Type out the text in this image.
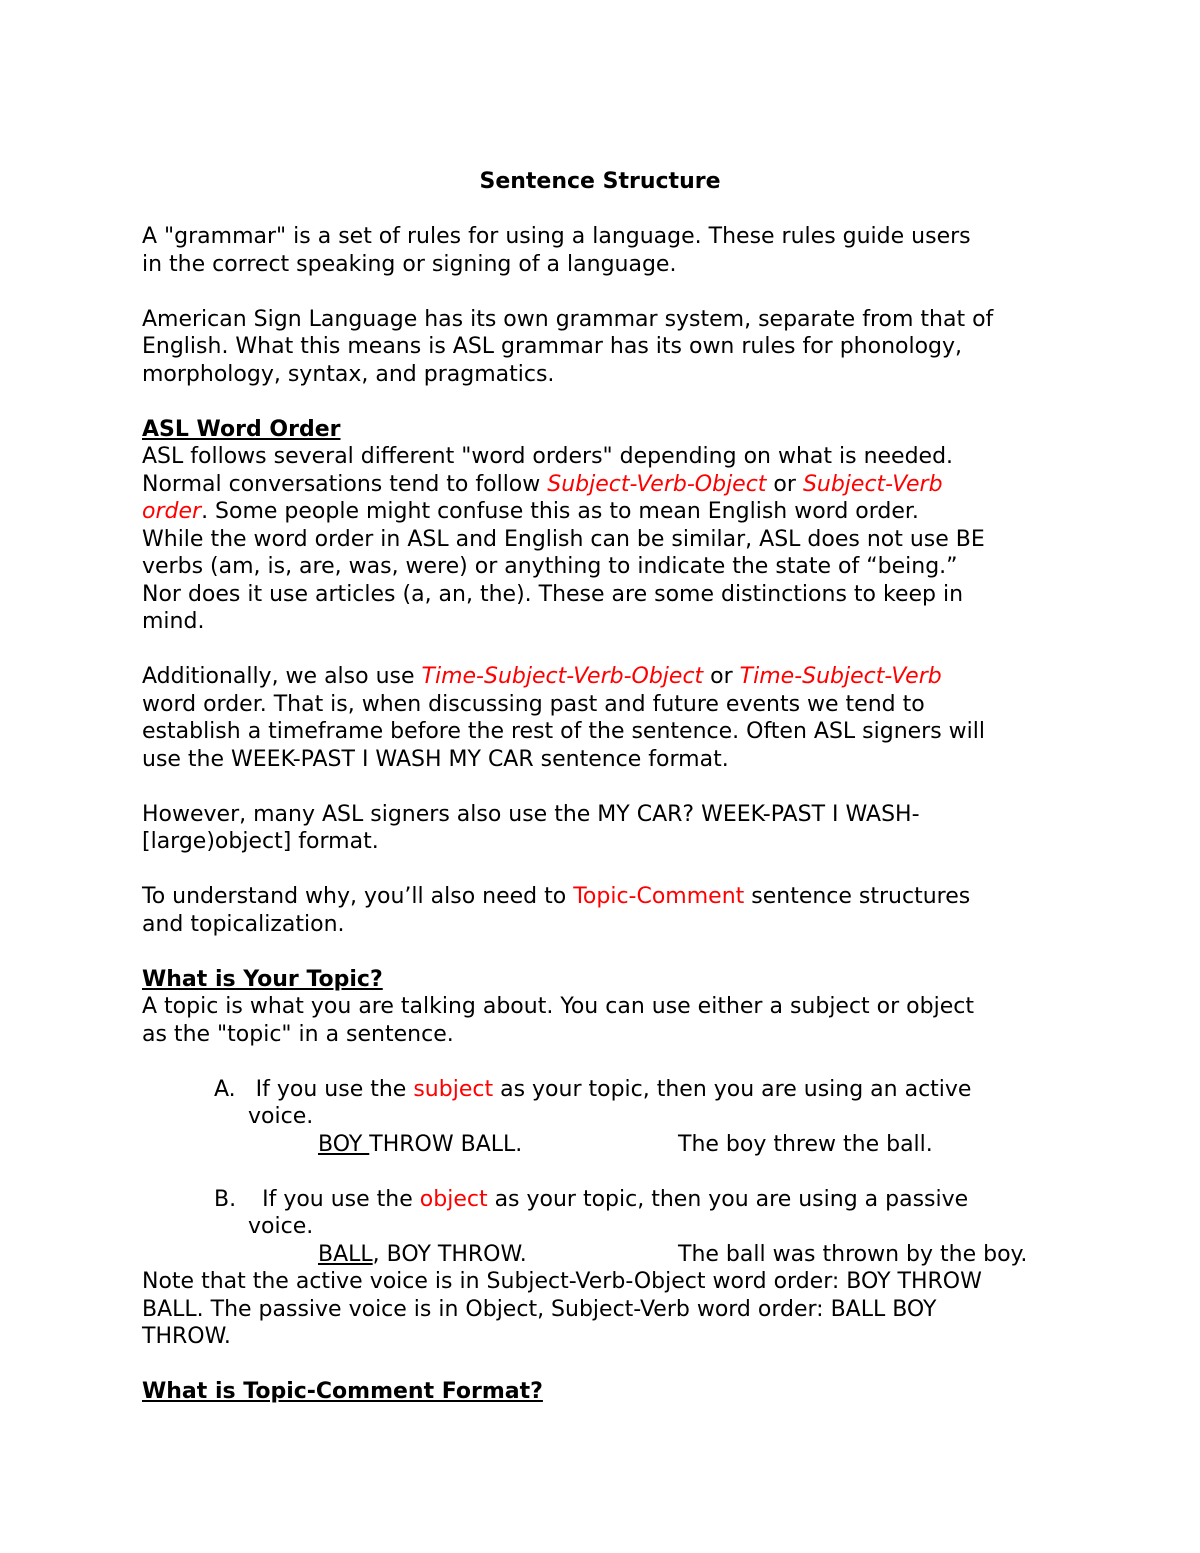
Sentence Structure
A "grammar" is a set of rules for using a language. These rules guide users
in the correct speaking or signing of a language.
American Sign Language has its own grammar system, separate from that of
English. What this means is ASL grammar has its own rules for phonology,
morphology, syntax, and pragmatics.
ASL Word Order
ASL follows several different "word orders" depending on what is needed.
Normal conversations tend to follow Subject-Verb-Object or Subject-Verb
order. Some people might confuse this as to mean English word order.
While the word order in ASL and English can be similar, ASL does not use BE
verbs (am, is, are, was, were) or anything to indicate the state of “being.”
Nor does it use articles (a, an, the). These are some distinctions to keep in
mind.
Additionally, we also use Time-Subject-Verb-Object or Time-Subject-Verb
word order. That is, when discussing past and future events we tend to
establish a timeframe before the rest of the sentence. Often ASL signers will
use the WEEK-PAST I WASH MY CAR sentence format.
However, many ASL signers also use the MY CAR? WEEK-PAST I WASH-
[large)object] format.
To understand why, you’ll also need to Topic-Comment sentence structures
and topicalization.
What is Your Topic?
A topic is what you are talking about. You can use either a subject or object
as the "topic" in a sentence.
A. If you use the subject as your topic, then you are using an active
voice.
BOY THROW BALL.	The boy threw the ball.
B. If you use the object as your topic, then you are using a passive
voice.
BALL, BOY THROW.	The ball was thrown by the boy.
Note that the active voice is in Subject-Verb-Object word order: BOY THROW
BALL. The passive voice is in Object, Subject-Verb word order: BALL BOY
THROW.
What is Topic-Comment Format?
